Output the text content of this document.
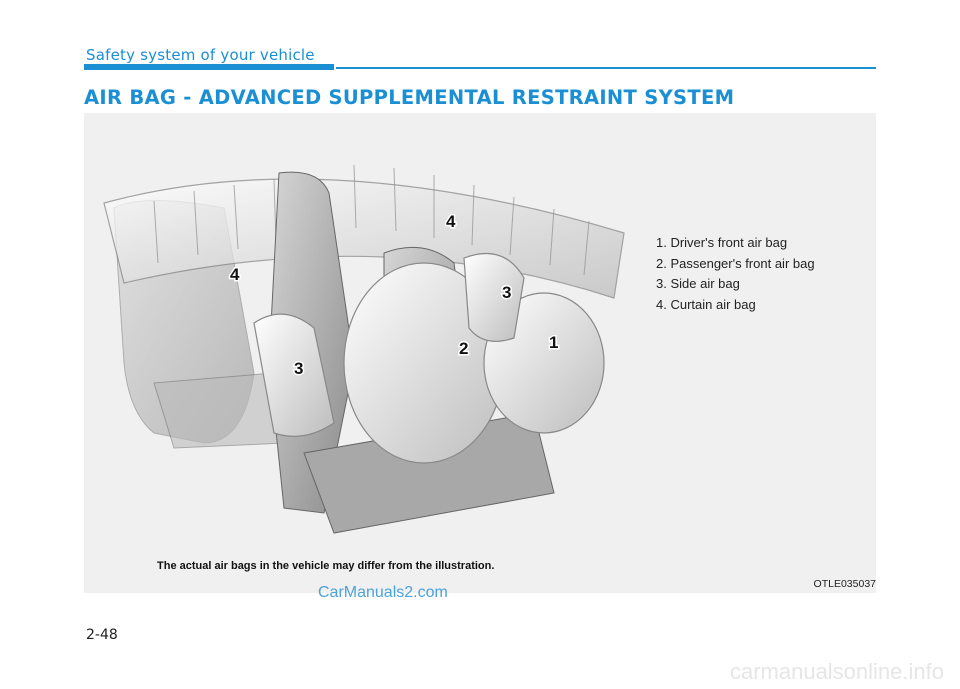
Safety system of your vehicle
AIR BAG - ADVANCED SUPPLEMENTAL RESTRAINT SYSTEM
4
4
3
3
2	1
1. Driver's front air bag
2. Passenger's front air bag
3. Side air bag
4. Curtain air bag
The actual air bags in the vehicle may differ from the illustration.
OTLE035037
CarManuals2.com
2-48
carmanualsonline.info
